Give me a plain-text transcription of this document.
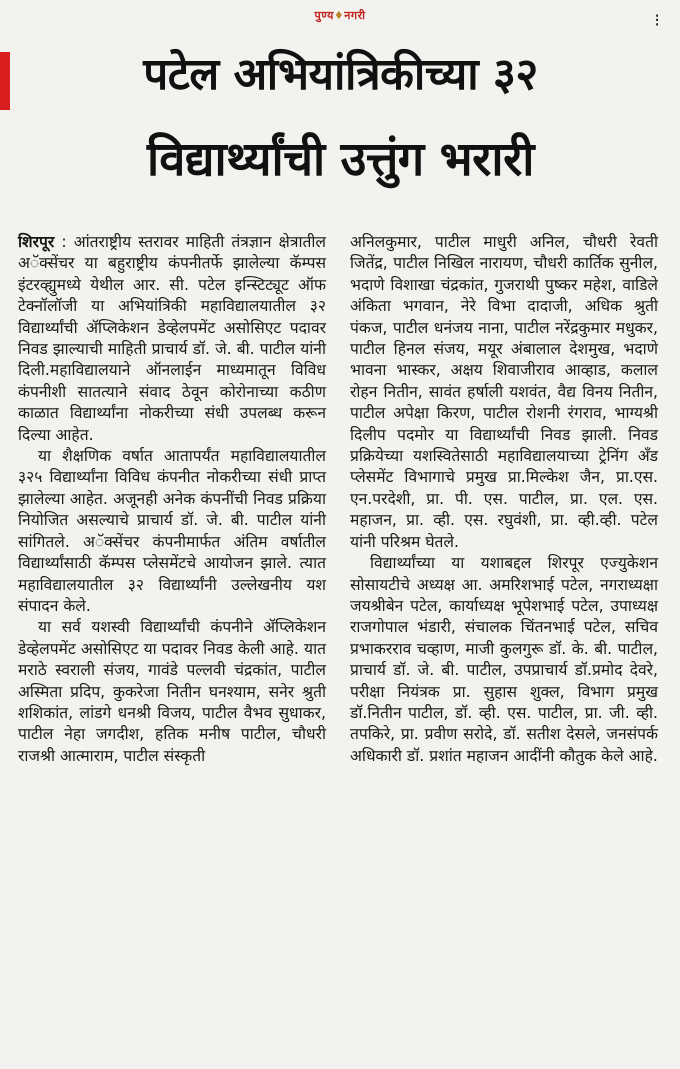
पुण्य♦नगरी	⁝
पटेल अभियांत्रिकीच्या ३२
विद्यार्थ्यांची उत्तुंग भरारी

शिरपूर : आंतराष्ट्रीय स्तरावर माहिती तंत्रज्ञान क्षेत्रातील अॅक्सेंचर या बहुराष्ट्रीय कंपनीतर्फे झालेल्या कॅम्पस इंटरव्ह्युमध्ये येथील आर. सी. पटेल इन्स्टिट्यूट ऑफ टेक्नॉलॉजी या अभियांत्रिकी महाविद्यालयातील ३२ विद्यार्थ्यांची ॲप्लिकेशन डेव्हेलपमेंट असोसिएट पदावर निवड झाल्याची माहिती प्राचार्य डॉ. जे. बी. पाटील यांनी दिली.महाविद्यालयाने ऑनलाईन माध्यमातून विविध कंपनीशी सातत्याने संवाद ठेवून कोरोनाच्या कठीण काळात विद्यार्थ्यांना नोकरीच्या संधी उपलब्ध करून दिल्या आहेत.

या शैक्षणिक वर्षात आतापर्यंत महाविद्यालयातील ३२५ विद्यार्थ्यांना विविध कंपनीत नोकरीच्या संधी प्राप्त झालेल्या आहेत. अजूनही अनेक कंपनींची निवड प्रक्रिया नियोजित असल्याचे प्राचार्य डॉ. जे. बी. पाटील यांनी सांगितले. अॅक्सेंचर कंपनीमार्फत अंतिम वर्षातील विद्यार्थ्यांसाठी कॅम्पस प्लेसमेंटचे आयोजन झाले. त्यात महाविद्यालयातील ३२ विद्यार्थ्यांनी उल्लेखनीय यश संपादन केले.

या सर्व यशस्वी विद्यार्थ्यांची कंपनीने ॲप्लिकेशन डेव्हेलपमेंट असोसिएट या पदावर निवड केली आहे. यात मराठे स्वराली संजय, गावंडे पल्लवी चंद्रकांत, पाटील अस्मिता प्रदिप, कुकरेजा नितीन घनश्याम, सनेर श्रुती शशिकांत, लांडगे धनश्री विजय, पाटील वैभव सुधाकर, पाटील नेहा जगदीश, हतिक मनीष पाटील, चौधरी राजश्री आत्माराम, पाटील संस्कृती

अनिलकुमार, पाटील माधुरी अनिल, चौधरी रेवती जितेंद्र, पाटील निखिल नारायण, चौधरी कार्तिक सुनील, भदाणे विशाखा चंद्रकांत, गुजराथी पुष्कर महेश, वाडिले अंकिता भगवान, नेरे विभा दादाजी, अधिक श्रुती पंकज, पाटील धनंजय नाना, पाटील नरेंद्रकुमार मधुकर, पाटील हिनल संजय, मयूर अंबालाल देशमुख, भदाणे भावना भास्कर, अक्षय शिवाजीराव आव्हाड, कलाल रोहन नितीन, सावंत हर्षाली यशवंत, वैद्य विनय नितीन, पाटील अपेक्षा किरण, पाटील रोशनी रंगराव, भाग्यश्री दिलीप पदमोर या विद्यार्थ्यांची निवड झाली. निवड प्रक्रियेच्या यशस्वितेसाठी महाविद्यालयाच्या ट्रेनिंग अँड प्लेसमेंट विभागाचे प्रमुख प्रा.मिल्केश जैन, प्रा.एस. एन.परदेशी, प्रा. पी. एस. पाटील, प्रा. एल. एस. महाजन, प्रा. व्ही. एस. रघुवंशी, प्रा. व्ही.व्ही. पटेल यांनी परिश्रम घेतले.

विद्यार्थ्यांच्या या यशाबद्दल शिरपूर एज्युकेशन सोसायटीचे अध्यक्ष आ. अमरिशभाई पटेल, नगराध्यक्षा जयश्रीबेन पटेल, कार्याध्यक्ष भूपेशभाई पटेल, उपाध्यक्ष राजगोपाल भंडारी, संचालक चिंतनभाई पटेल, सचिव प्रभाकरराव चव्हाण, माजी कुलगुरू डॉ. के. बी. पाटील, प्राचार्य डॉ. जे. बी. पाटील, उपप्राचार्य डॉ.प्रमोद देवरे, परीक्षा नियंत्रक प्रा. सुहास शुक्ल, विभाग प्रमुख डॉ.नितीन पाटील, डॉ. व्ही. एस. पाटील, प्रा. जी. व्ही. तपकिरे, प्रा. प्रवीण सरोदे, डॉ. सतीश देसले, जनसंपर्क अधिकारी डॉ. प्रशांत महाजन आदींनी कौतुक केले आहे.
